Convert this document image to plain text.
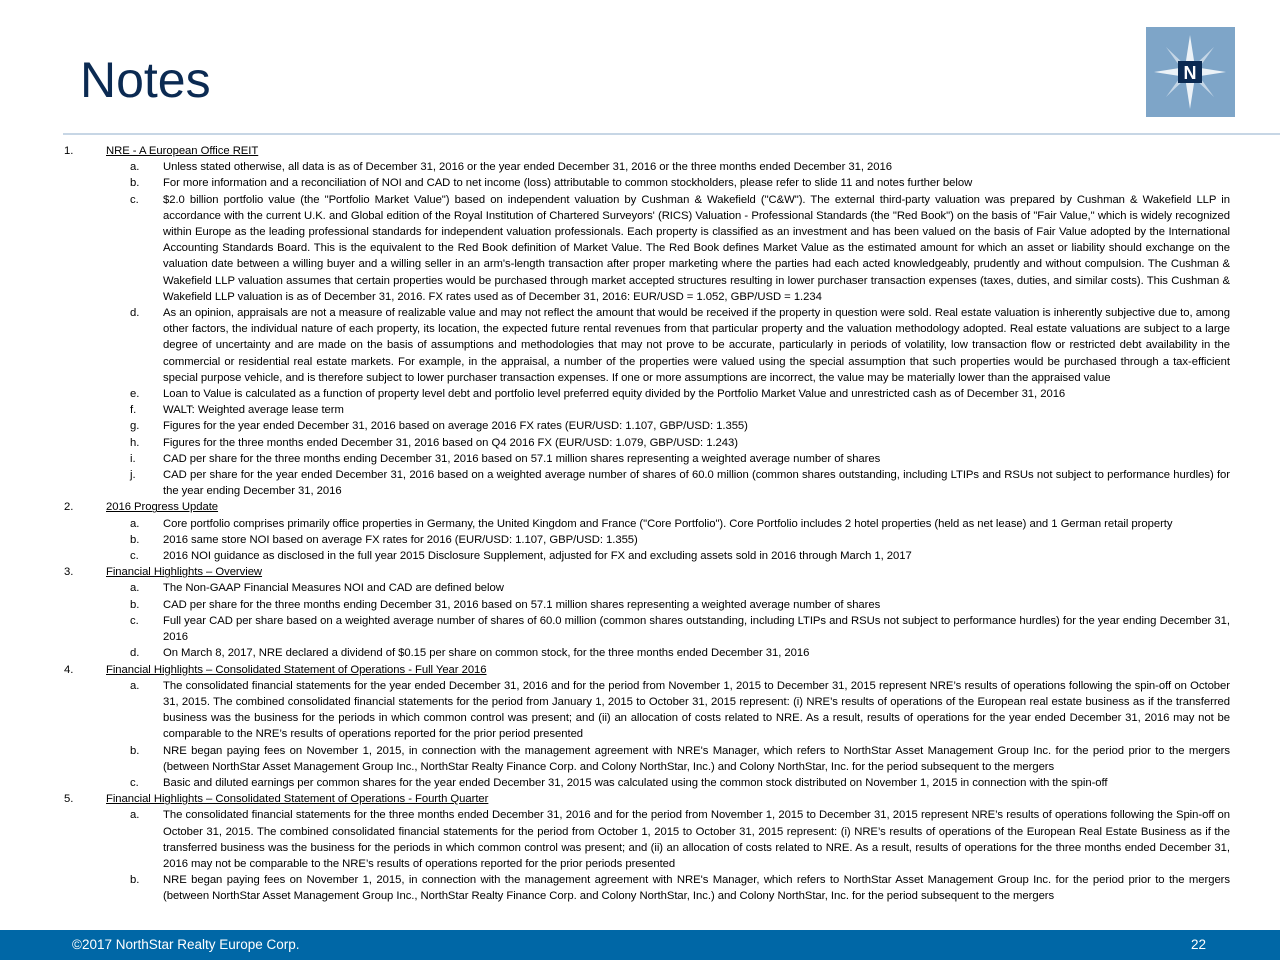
Notes	N
1.	NRE - A European Office REIT
a. Unless stated otherwise, all data is as of December 31, 2016 or the year ended December 31, 2016 or the three months ended December 31, 2016
b. For more information and a reconciliation of NOI and CAD to net income (loss) attributable to common stockholders, please refer to slide 11 and notes further below
c. $2.0 billion portfolio value (the "Portfolio Market Value") based on independent valuation by Cushman & Wakefield ("C&W"). The external third-party valuation was prepared by Cushman & Wakefield LLP in accordance with the current U.K. and Global edition of the Royal Institution of Chartered Surveyors' (RICS) Valuation - Professional Standards (the "Red Book") on the basis of "Fair Value," which is widely recognized within Europe as the leading professional standards for independent valuation professionals. Each property is classified as an investment and has been valued on the basis of Fair Value adopted by the International Accounting Standards Board. This is the equivalent to the Red Book definition of Market Value. The Red Book defines Market Value as the estimated amount for which an asset or liability should exchange on the valuation date between a willing buyer and a willing seller in an arm's-length transaction after proper marketing where the parties had each acted knowledgeably, prudently and without compulsion. The Cushman & Wakefield LLP valuation assumes that certain properties would be purchased through market accepted structures resulting in lower purchaser transaction expenses (taxes, duties, and similar costs). This Cushman & Wakefield LLP valuation is as of December 31, 2016. FX rates used as of December 31, 2016: EUR/USD = 1.052, GBP/USD = 1.234
d. As an opinion, appraisals are not a measure of realizable value and may not reflect the amount that would be received if the property in question were sold. Real estate valuation is inherently subjective due to, among other factors, the individual nature of each property, its location, the expected future rental revenues from that particular property and the valuation methodology adopted. Real estate valuations are subject to a large degree of uncertainty and are made on the basis of assumptions and methodologies that may not prove to be accurate, particularly in periods of volatility, low transaction flow or restricted debt availability in the commercial or residential real estate markets. For example, in the appraisal, a number of the properties were valued using the special assumption that such properties would be purchased through a tax-efficient special purpose vehicle, and is therefore subject to lower purchaser transaction expenses. If one or more assumptions are incorrect, the value may be materially lower than the appraised value
e. Loan to Value is calculated as a function of property level debt and portfolio level preferred equity divided by the Portfolio Market Value and unrestricted cash as of December 31, 2016
f. WALT: Weighted average lease term
g. Figures for the year ended December 31, 2016 based on average 2016 FX rates (EUR/USD: 1.107, GBP/USD: 1.355)
h. Figures for the three months ended December 31, 2016 based on Q4 2016 FX (EUR/USD: 1.079, GBP/USD: 1.243)
i. CAD per share for the three months ending December 31, 2016 based on 57.1 million shares representing a weighted average number of shares
j. CAD per share for the year ended December 31, 2016 based on a weighted average number of shares of 60.0 million (common shares outstanding, including LTIPs and RSUs not subject to performance hurdles) for the year ending December 31, 2016
2.	2016 Progress Update
a. Core portfolio comprises primarily office properties in Germany, the United Kingdom and France ("Core Portfolio"). Core Portfolio includes 2 hotel properties (held as net lease) and 1 German retail property
b. 2016 same store NOI based on average FX rates for 2016 (EUR/USD: 1.107, GBP/USD: 1.355)
c. 2016 NOI guidance as disclosed in the full year 2015 Disclosure Supplement, adjusted for FX and excluding assets sold in 2016 through March 1, 2017
3.	Financial Highlights – Overview
a. The Non-GAAP Financial Measures NOI and CAD are defined below
b. CAD per share for the three months ending December 31, 2016 based on 57.1 million shares representing a weighted average number of shares
c. Full year CAD per share based on a weighted average number of shares of 60.0 million (common shares outstanding, including LTIPs and RSUs not subject to performance hurdles) for the year ending December 31, 2016
d. On March 8, 2017, NRE declared a dividend of $0.15 per share on common stock, for the three months ended December 31, 2016
4.	Financial Highlights – Consolidated Statement of Operations - Full Year 2016
a. The consolidated financial statements for the year ended December 31, 2016 and for the period from November 1, 2015 to December 31, 2015 represent NRE’s results of operations following the spin-off on October 31, 2015. The combined consolidated financial statements for the period from January 1, 2015 to October 31, 2015 represent: (i) NRE’s results of operations of the European real estate business as if the transferred business was the business for the periods in which common control was present; and (ii) an allocation of costs related to NRE. As a result, results of operations for the year ended December 31, 2016 may not be comparable to the NRE’s results of operations reported for the prior period presented
b. NRE began paying fees on November 1, 2015, in connection with the management agreement with NRE's Manager, which refers to NorthStar Asset Management Group Inc. for the period prior to the mergers (between NorthStar Asset Management Group Inc., NorthStar Realty Finance Corp. and Colony NorthStar, Inc.) and Colony NorthStar, Inc. for the period subsequent to the mergers
c. Basic and diluted earnings per common shares for the year ended December 31, 2015 was calculated using the common stock distributed on November 1, 2015 in connection with the spin-off
5.	Financial Highlights – Consolidated Statement of Operations - Fourth Quarter
a. The consolidated financial statements for the three months ended December 31, 2016 and for the period from November 1, 2015 to December 31, 2015 represent NRE’s results of operations following the Spin-off on October 31, 2015. The combined consolidated financial statements for the period from October 1, 2015 to October 31, 2015 represent: (i) NRE’s results of operations of the European Real Estate Business as if the transferred business was the business for the periods in which common control was present; and (ii) an allocation of costs related to NRE. As a result, results of operations for the three months ended December 31, 2016 may not be comparable to the NRE’s results of operations reported for the prior periods presented
b. NRE began paying fees on November 1, 2015, in connection with the management agreement with NRE's Manager, which refers to NorthStar Asset Management Group Inc. for the period prior to the mergers (between NorthStar Asset Management Group Inc., NorthStar Realty Finance Corp. and Colony NorthStar, Inc.) and Colony NorthStar, Inc. for the period subsequent to the mergers
©2017 NorthStar Realty Europe Corp.	22
